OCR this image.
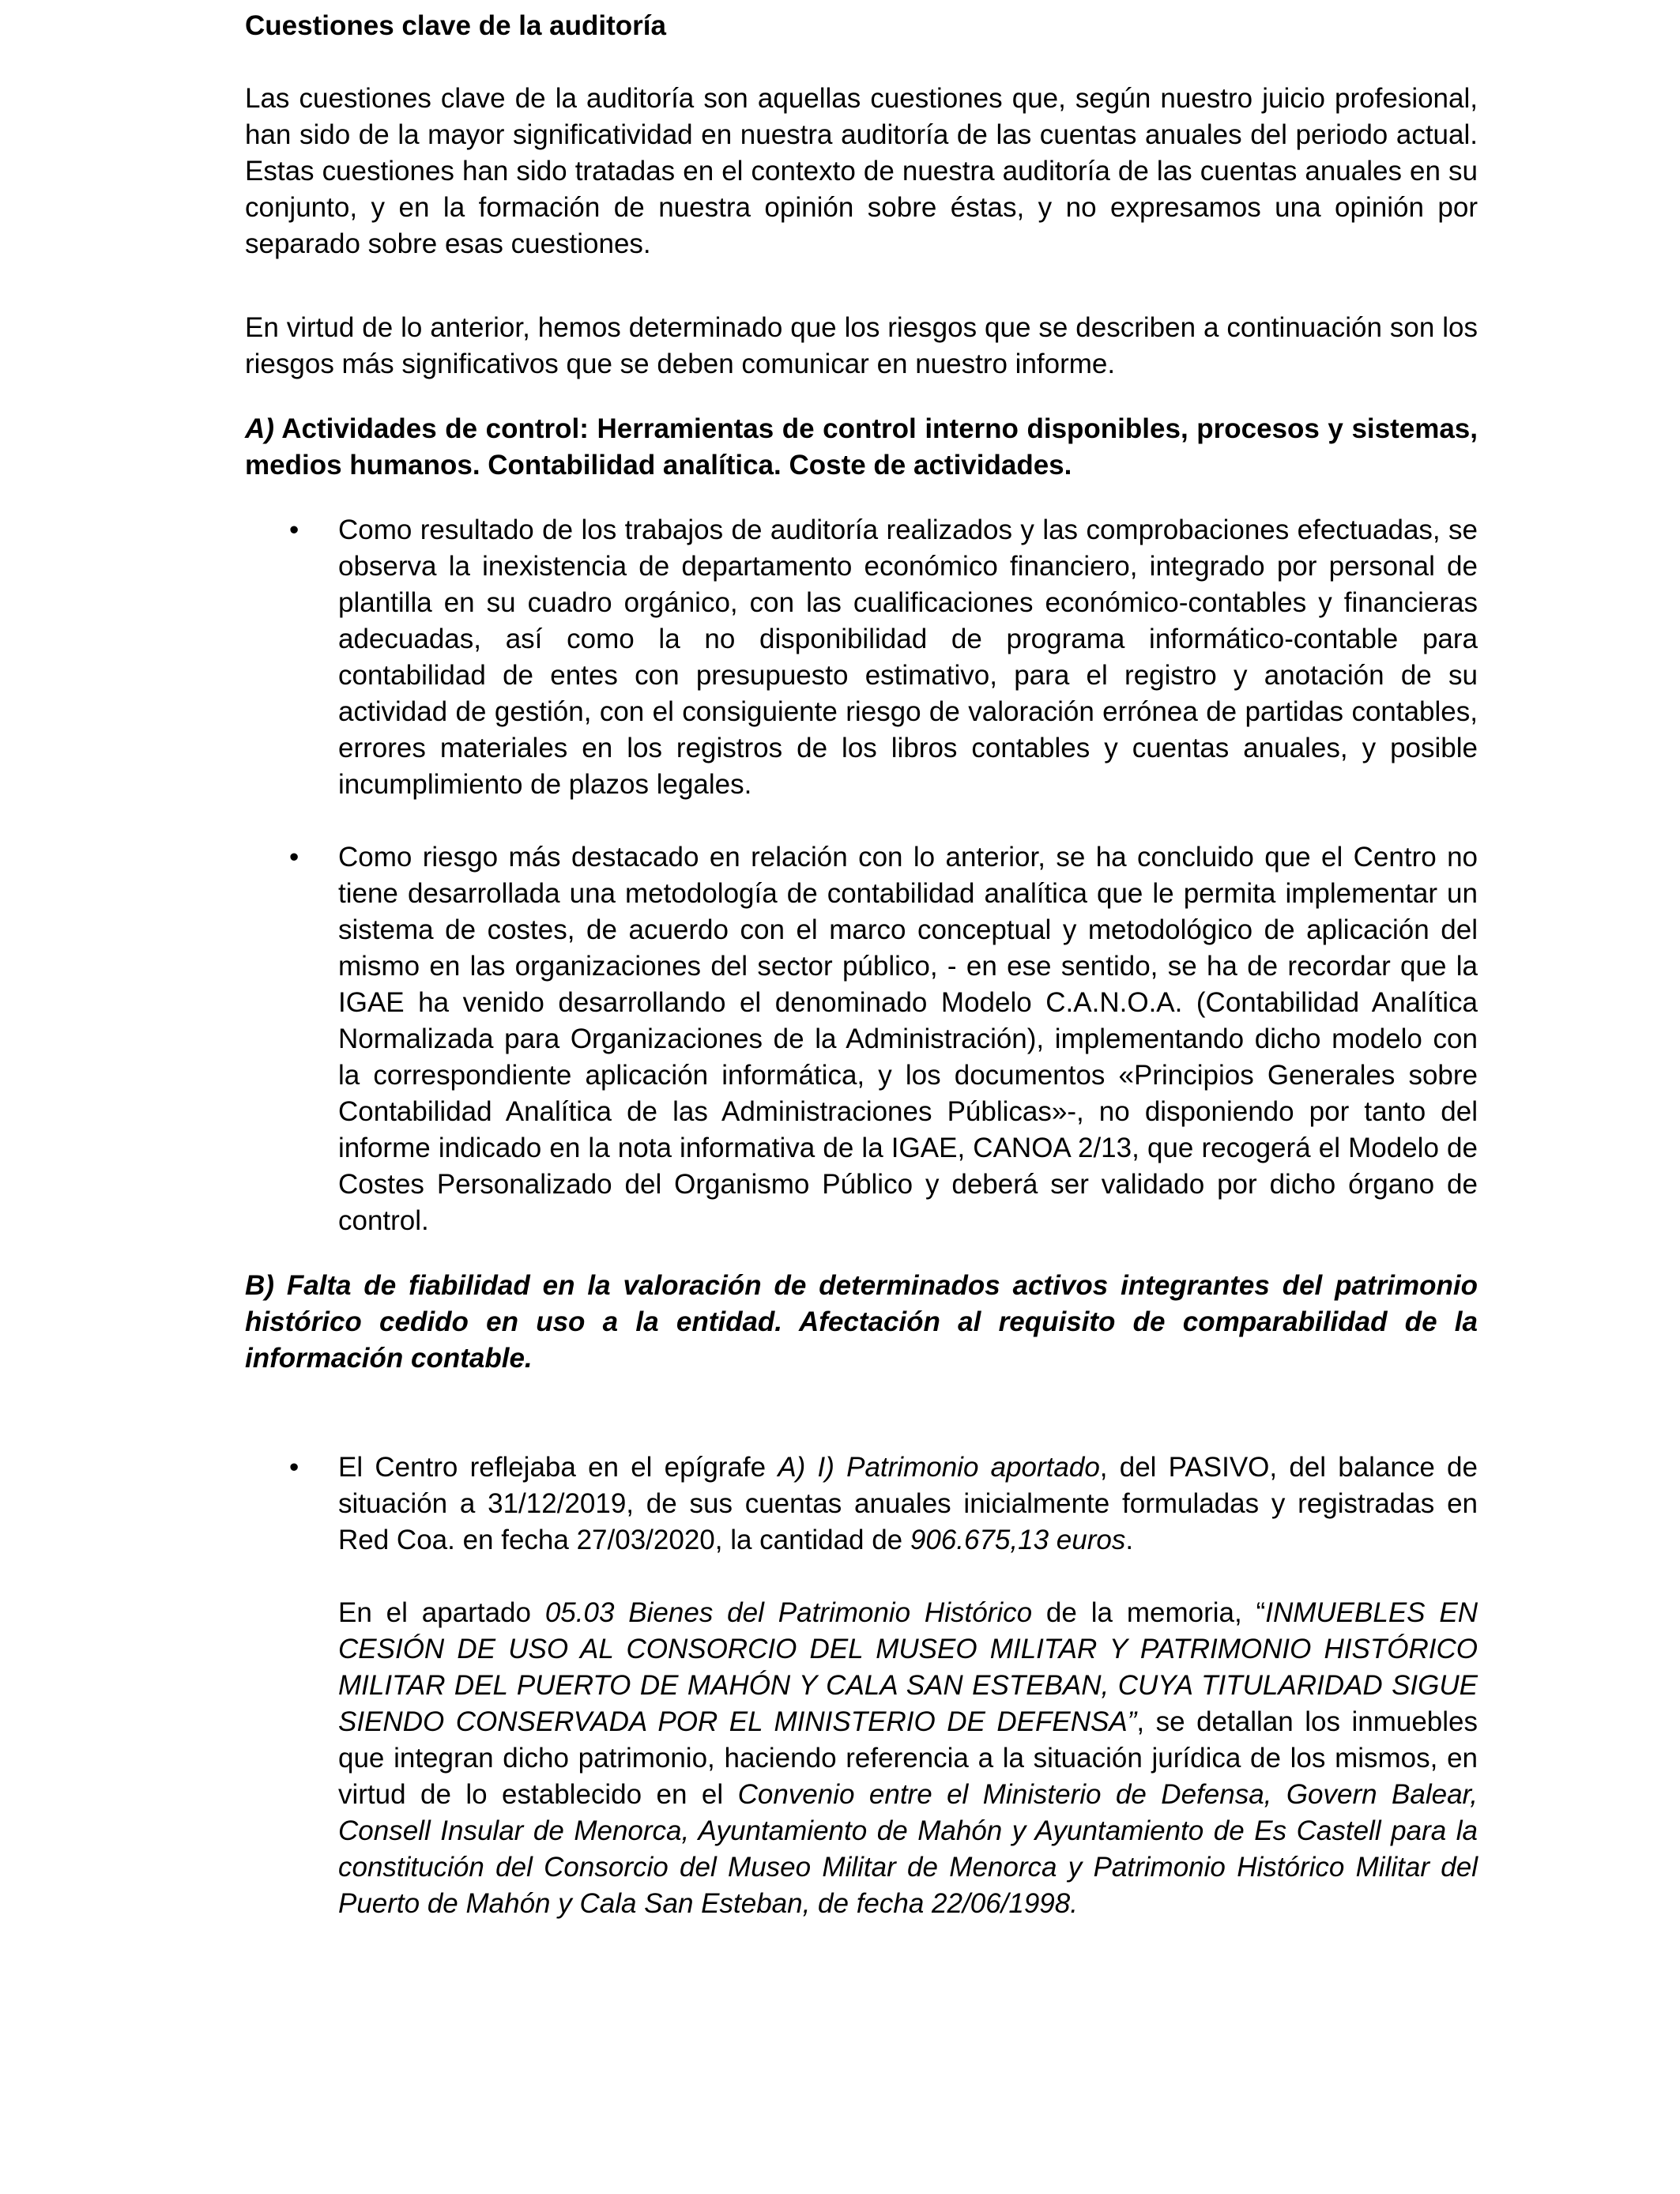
Cuestiones clave de la auditoría

Las cuestiones clave de la auditoría son aquellas cuestiones que, según nuestro juicio profesional, han sido de la mayor significatividad en nuestra auditoría de las cuentas anuales del periodo actual. Estas cuestiones han sido tratadas en el contexto de nuestra auditoría de las cuentas anuales en su conjunto, y en la formación de nuestra opinión sobre éstas, y no expresamos una opinión por separado sobre esas cuestiones.

En virtud de lo anterior, hemos determinado que los riesgos que se describen a continuación son los riesgos más significativos que se deben comunicar en nuestro informe.

A) Actividades de control: Herramientas de control interno disponibles, procesos y sistemas, medios humanos. Contabilidad analítica. Coste de actividades.

• Como resultado de los trabajos de auditoría realizados y las comprobaciones efectuadas, se observa la inexistencia de departamento económico financiero, integrado por personal de plantilla en su cuadro orgánico, con las cualificaciones económico-contables y financieras adecuadas, así como la no disponibilidad de programa informático-contable para contabilidad de entes con presupuesto estimativo, para el registro y anotación de su actividad de gestión, con el consiguiente riesgo de valoración errónea de partidas contables, errores materiales en los registros de los libros contables y cuentas anuales, y posible incumplimiento de plazos legales.
• Como riesgo más destacado en relación con lo anterior, se ha concluido que el Centro no tiene desarrollada una metodología de contabilidad analítica que le permita implementar un sistema de costes, de acuerdo con el marco conceptual y metodológico de aplicación del mismo en las organizaciones del sector público, - en ese sentido, se ha de recordar que la IGAE ha venido desarrollando el denominado Modelo C.A.N.O.A. (Contabilidad Analítica Normalizada para Organizaciones de la Administración), implementando dicho modelo con la correspondiente aplicación informática, y los documentos «Principios Generales sobre Contabilidad Analítica de las Administraciones Públicas»-, no disponiendo por tanto del informe indicado en la nota informativa de la IGAE, CANOA 2/13, que recogerá el Modelo de Costes Personalizado del Organismo Público y deberá ser validado por dicho órgano de control.

B) Falta de fiabilidad en la valoración de determinados activos integrantes del patrimonio histórico cedido en uso a la entidad. Afectación al requisito de comparabilidad de la información contable.

• El Centro reflejaba en el epígrafe A) I) Patrimonio aportado, del PASIVO, del balance de situación a 31/12/2019, de sus cuentas anuales inicialmente formuladas y registradas en Red Coa. en fecha 27/03/2020, la cantidad de 906.675,13 euros.

En el apartado 05.03 Bienes del Patrimonio Histórico de la memoria, “INMUEBLES EN CESIÓN DE USO AL CONSORCIO DEL MUSEO MILITAR Y PATRIMONIO HISTÓRICO MILITAR DEL PUERTO DE MAHÓN Y CALA SAN ESTEBAN, CUYA TITULARIDAD SIGUE SIENDO CONSERVADA POR EL MINISTERIO DE DEFENSA”, se detallan los inmuebles que integran dicho patrimonio, haciendo referencia a la situación jurídica de los mismos, en virtud de lo establecido en el Convenio entre el Ministerio de Defensa, Govern Balear, Consell Insular de Menorca, Ayuntamiento de Mahón y Ayuntamiento de Es Castell para la constitución del Consorcio del Museo Militar de Menorca y Patrimonio Histórico Militar del Puerto de Mahón y Cala San Esteban, de fecha 22/06/1998.
